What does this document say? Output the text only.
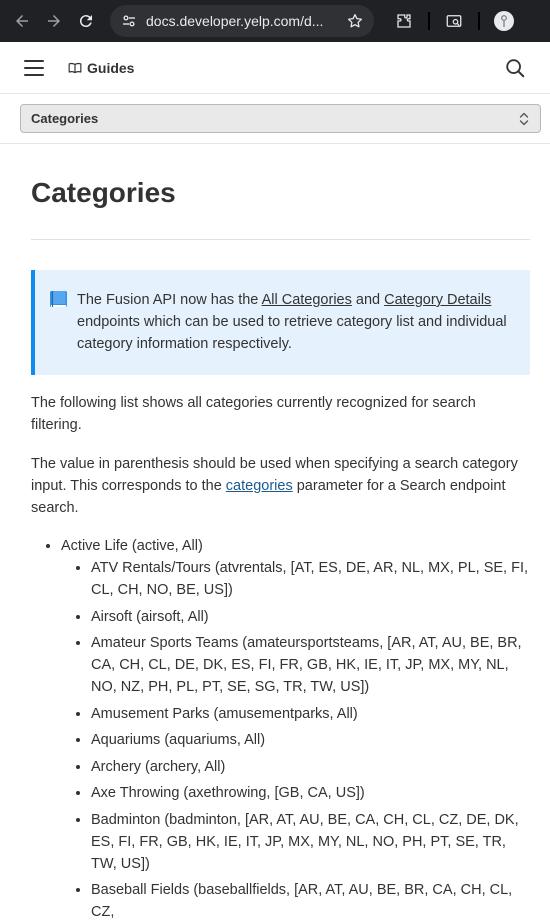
docs.developer.yelp.com/d...
Guides
Categories
Categories

The Fusion API now has the All Categories and Category Details endpoints which can be used to retrieve category list and individual category information respectively.

The following list shows all categories currently recognized for search filtering.

The value in parenthesis should be used when specifying a search category input. This corresponds to the categories parameter for a Search endpoint search.

• Active Life (active, All)
• ATV Rentals/Tours (atvrentals, [AT, ES, DE, AR, NL, MX, PL, SE, FI, CL, CH, NO, BE, US])
• Airsoft (airsoft, All)
• Amateur Sports Teams (amateursportsteams, [AR, AT, AU, BE, BR, CA, CH, CL, DE, DK, ES, FI, FR, GB, HK, IE, IT, JP, MX, MY, NL, NO, NZ, PH, PL, PT, SE, SG, TR, TW, US])
• Amusement Parks (amusementparks, All)
• Aquariums (aquariums, All)
• Archery (archery, All)
• Axe Throwing (axethrowing, [GB, CA, US])
• Badminton (badminton, [AR, AT, AU, BE, CA, CH, CL, CZ, DE, DK, ES, FI, FR, GB, HK, IE, IT, JP, MX, MY, NL, NO, PH, PT, SE, TR, TW, US])
• Baseball Fields (baseballfields, [AR, AT, AU, BE, BR, CA, CH, CL, CZ,
